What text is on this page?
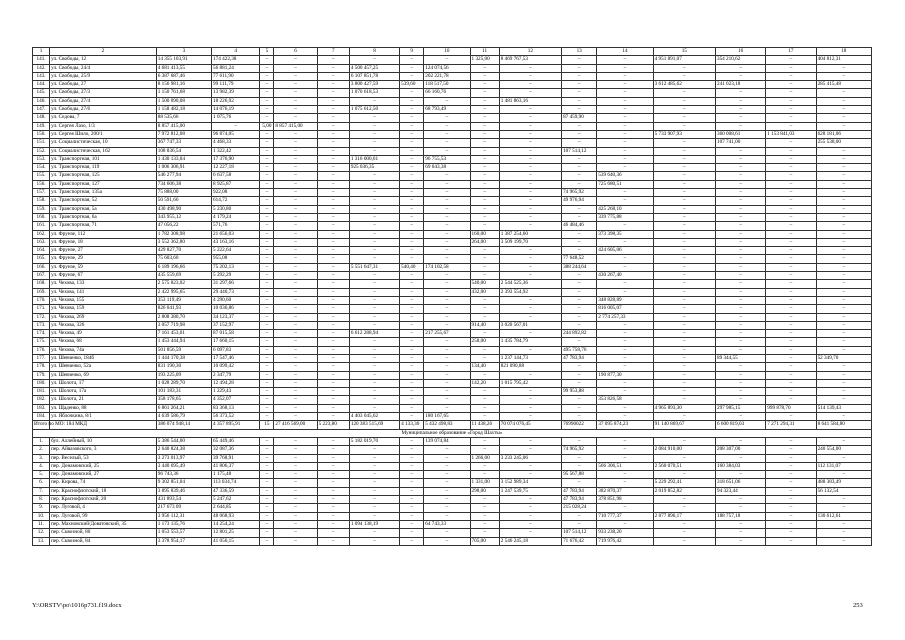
1	2	3	4	5	6	7	8	9	10	11	12	13	14	15	16	17	18
141.	ул. Свободы, 12	14 355 103,91	174 422,38	–	–	–	–	–	–	1 325,00	8 469 767,53	–	–	4 951 891,07	354 210,62	–	404 812,31
142.	ул. Свободы, 24/4	4 681 413,55	56 881,24	–	–	–	4 500 457,25	–	124 074,56	–	–	–	–	–	–	–	–
143.	ул. Свободы, 25/9	6 387 687,46	77 611,90	–	–	–	6 107 851,78	–	202 221,78	–	–	–	–	–	–	–	–
144.	ул. Свободы, 27	8 156 981,16	99 111,79	–	–	–	3 800 427,59	539,60	118 517,50	–	–	–	–	3 612 485,62	241 023,18	–	285 415,48
145.	ул. Свободы, 27/3	1 150 761,68	13 982,39	–	–	–	1 070 618,53	–	66 160,76	–	–	–	–	–	–	–	–
146.	ул. Свободы, 27/4	1 500 090,08	18 226,92	–	–	–	–	–	–	–	1 481 863,16	–	–	–	–	–	–
147.	ул. Свободы, 27/6	1 158 482,18	14 076,19	–	–	–	1 075 612,50	–	68 793,49	–	–	–	–	–	–	–	–
148.	ул. Седова, 7	88 535,66	1 075,76	–	–	–	–	–	–	–	–	87 459,90	–	–	–	–	–
149.	ул. Сергея Лазо, 1/3	8 857 415,00	–	5,00	8 857 415,00	–	–	–	–	–	–	–	–	–	–	–	–
150.	ул. Сергея Шило, 200/1	7 972 812,08	96 874,05	–	–	–	–	–	–	–	–	–	–	5 733 907,93	360 008,61	1 153 841,03	628 181,06
151.	ул. Социалистическая, 10	367 747,33	4 468,33	–	–	–	–	–	–	–	–	–	–	–	107 741,00	–	255 538,00
152.	ул. Социалистическая, 162	108 836,54	1 322,42	–	–	–	–	–	–	–	–	107 514,12	–	–	–	–	–
153.	ул. Транспортная, 101	1 430 133,04	17 376,90	–	–	–	1 316 000,61	–	96 755,53	–	–	–	–	–	–	–	–
154.	ул. Транспортная, 119	1 006 306,91	12 227,18	–	–	–	925 036,35	–	69 043,38	–	–	–	–	–	–	–	–
155.	ул. Транспортная, 125	546 277,94	6 637,58	–	–	–	–	–	–	–	–	–	539 640,36	–	–	–	–
156.	ул. Транспортная, 127	734 606,38	8 925,87	–	–	–	–	–	–	–	–	–	725 680,51	–	–	–	–
157.	ул. Транспортная, 135а	75 888,00	922,08	–	–	–	–	–	–	–	–	74 965,92	–	–	–	–	–
158.	ул. Транспортная, 52	50 591,66	614,72	–	–	–	–	–	–	–	–	49 976,94	–	–	–	–	–
159.	ул. Транспортная, 5а	430 498,90	5 230,80	–	–	–	–	–	–	–	–	–	425 268,10	–	–	–	–
160.	ул. Транспортная, 6а	343 955,12	4 179,24	–	–	–	–	–	–	–	–	–	339 775,88	–	–	–	–
161.	ул. Транспортная, 71	47 056,22	571,76	–	–	–	–	–	–	–	–	46 484,46	–	–	–	–	–
162.	ул. Фрунзе, 112	1 782 308,98	21 656,03	–	–	–	–	–	–	160,00	1 387 254,60	–	373 398,35	–	–	–	–
163.	ул. Фрунзе, 18	3 552 362,80	43 163,16	–	–	–	–	–	–	264,00	3 509 199,70	–	–	–	–	–	–
164.	ул. Фрунзе, 27	429 827,70	5 222,64	–	–	–	–	–	–	–	–	–	424 605,06	–	–	–	–
165.	ул. Фрунзе, 29	75 603,60	955,08	–	–	–	–	–	–	–	–	77 648,52	–	–	–	–	–
166.	ул. Фрунзе, 59	6 189 196,66	75 202,13	–	–	–	5 551 647,31	540,40	174 102,58	–	–	388 244,64	–	–	–	–	–
167.	ул. Фрунзе, 67	435 559,69	5 292,29	–	–	–	–	–	–	–	–	–	430 267,40	–	–	–	–
168.	ул. Чехова, 133	2 575 823,02	31 297,66	–	–	–	–	–	–	540,00	2 544 525,36	–	–	–	–	–	–
169.	ул. Чехова, 141	2 422 995,65	29 440,73	–	–	–	–	–	–	432,00	2 393 554,92	–	–	–	–	–	–
170.	ул. Чехова, 155	353 119,49	4 290,60	–	–	–	–	–	–	–	–	–	348 828,89	–	–	–	–
171.	ул. Чехова, 159	826 041,93	10 036,86	–	–	–	–	–	–	–	–	–	816 005,07	–	–	–	–
172.	ул. Чехова, 269	2 808 380,70	34 123,37	–	–	–	–	–	–	–	–	–	2 774 257,33	–	–	–	–
173.	ул. Чехова, 326	3 057 719,98	37 152,97	–	–	–	–	–	–	914,40	3 020 567,01	–	–	–	–	–	–
174.	ул. Чехова, 49	7 161 453,01	87 015,58	–	–	–	6 612 288,94	–	217 255,67	–	–	244 892,82	–	–	–	–	–
175.	ул. Чехова, 68	1 453 444,94	17 660,15	–	–	–	–	–	–	258,00	1 435 784,79	–	–	–	–	–	–
176.	ул. Чехова, 74а	501 856,59	6 097,83	–	–	–	–	–	–	–	–	495 758,76	–	–	–	–	–
177.	ул. Шевченко, 184б	1 444 170,38	17 547,46	–	–	–	–	–	–	–	1 237 144,73	47 783,94	–	–	89 344,55	–	52 349,70
178.	ул. Шевченко, 52а	831 190,30	10 099,42	–	–	–	–	–	–	134,40	821 090,88	–	–	–	–	–	–
179.	ул. Шевченко, 69	193 225,09	2 347,79	–	–	–	–	–	–	–	–	–	190 877,30	–	–	–	–
180.	ул. Шолота, 17	1 028 289,70	12 494,28	–	–	–	–	–	–	142,20	1 015 795,42	–	–	–	–	–	–
181.	ул. Шолота, 17а	101 183,31	1 229,43	–	–	–	–	–	–	–	–	99 953,88	–	–	–	–	–
182.	ул. Шолота, 21	358 178,65	4 352,07	–	–	–	–	–	–	–	–	–	353 826,58	–	–	–	–
183.	ул. Щаденко, 88	6 861 264,21	83 368,13	–	–	–	–	–	–	–	–	–	–	4 965 893,30	297 985,15	999 878,70	514 139,43
184.	ул. Яблочкина, 8/1	4 639 586,79	56 373,52	–	–	–	4 403 045,62	–	180 167,65	–	–	–	–	–	–	–	–
Итого по МО: 184 МКД		386 074 948,14	4 357 895,91	15	27 416 569,00	5 223,80	120 383 515,69	4 133,30	5 432 498,83	11 438,26	70 074 076,45	76990022	37 095 874,23	91 140 869,67	6 600 819,03	7 271 294,31	8 641 584,80
Муниципальное образование «Город Шахты»																	
1.	бул. Аллейный, 10	5 386 544,00	65 449,46	–	–	–	5 182 019,70	–	139 074,84	–	–	–	–	–	–	–	–
2.	пер. Айвазовского, 3	2 640 824,38	32 087,36	–	–	–	–	–	–	–	–	74 965,92	–	2 084 910,00	208 307,00	–	240 554,00
3.	пер. Веселый, 53	3 273 013,97	39 768,91	–	–	–	–	–	–	1 266,00	3 233 245,06	–	–	–	–	–	–
4.	пер. Донамовский, 25	3 440 695,49	41 806,37	–	–	–	–	–	–	–	–	–	566 306,51	2 560 070,51	160 384,03	–	112 131,07
5.	пер. Донамовский, 27	96 743,36	1 175,48	–	–	–	–	–	–	–	–	95 567,88	–	–	–	–	–
6.	пер. Кирова, 74	9 302 851,04	113 034,74	–	–	–	–	–	–	1 331,00	3 152 989,34	–	–	5 229 292,41	318 651,06	–	488 383,49
7.	пер. Краснофлотский, 18	3 895 839,46	47 336,59	–	–	–	–	–	–	298,00	1 247 539,75	47 783,94	382 870,37	2 019 852,82	94 323,44	–	56 132,54
8.	пер. Краснофлотский, 20	431 893,54	5 247,62	–	–	–	–	–	–	–	–	47 783,94	378 851,98	–	–	–	–
9.	пер. Луговой, 4	217 673 09	2 644,85	–	–	–	–	–	–	–	–	215 028,24	–	–	–	–	–
10.	пер. Луговой, 99	3 956 112,31	48 068,93	–	–	–	–	–	–	–	–	–	710 777,37	2 877 896,17	188 757,18	–	130 612,61
11.	пер. Махновский/Доватовский, 35	1 173 135,76	14 254,24	–	–	–	1 094 138,19	–	64 743,33	–	–	–	–	–	–	–	–
12.	пер. Сквозной, 80	1 053 553,57	12 801,25	–	–	–	–	–	–	–	–	107 514,12	933 238,20	–	–	–	–
13.	пер. Сквозной, 84	3 378 954,17	41 056,15	–	–	–	–	–	–	705,00	2 546 245,18	71 676,42	719 976,42	–	–	–	–
Y:\ORSTV\ро\1016р731.f19.docx	253
